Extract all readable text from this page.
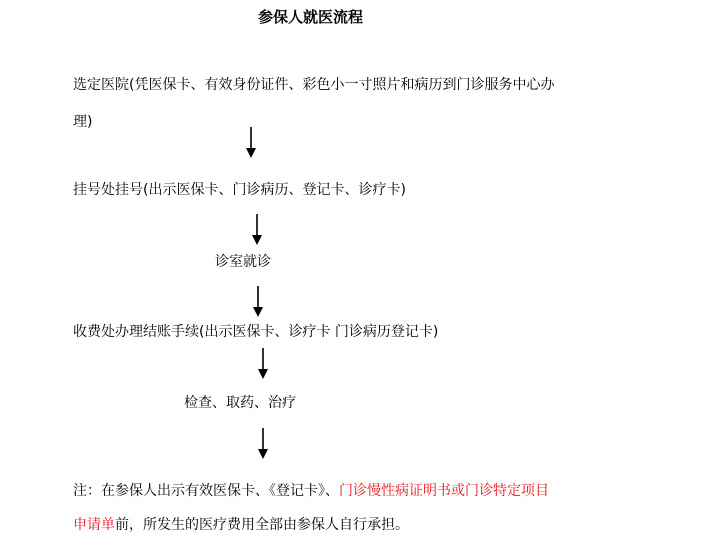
参保人就医流程
选定医院(凭医保卡、有效身份证件、彩色小一寸照片和病历到门诊服务中心办
理)
挂号处挂号(出示医保卡、门诊病历、登记卡、诊疗卡)
诊室就诊
收费处办理结账手续(出示医保卡、诊疗卡 门诊病历登记卡)
检查、取药、治疗
注：在参保人出示有效医保卡、《登记卡》、门诊慢性病证明书或门诊特定项目
申请单前，所发生的医疗费用全部由参保人自行承担。
